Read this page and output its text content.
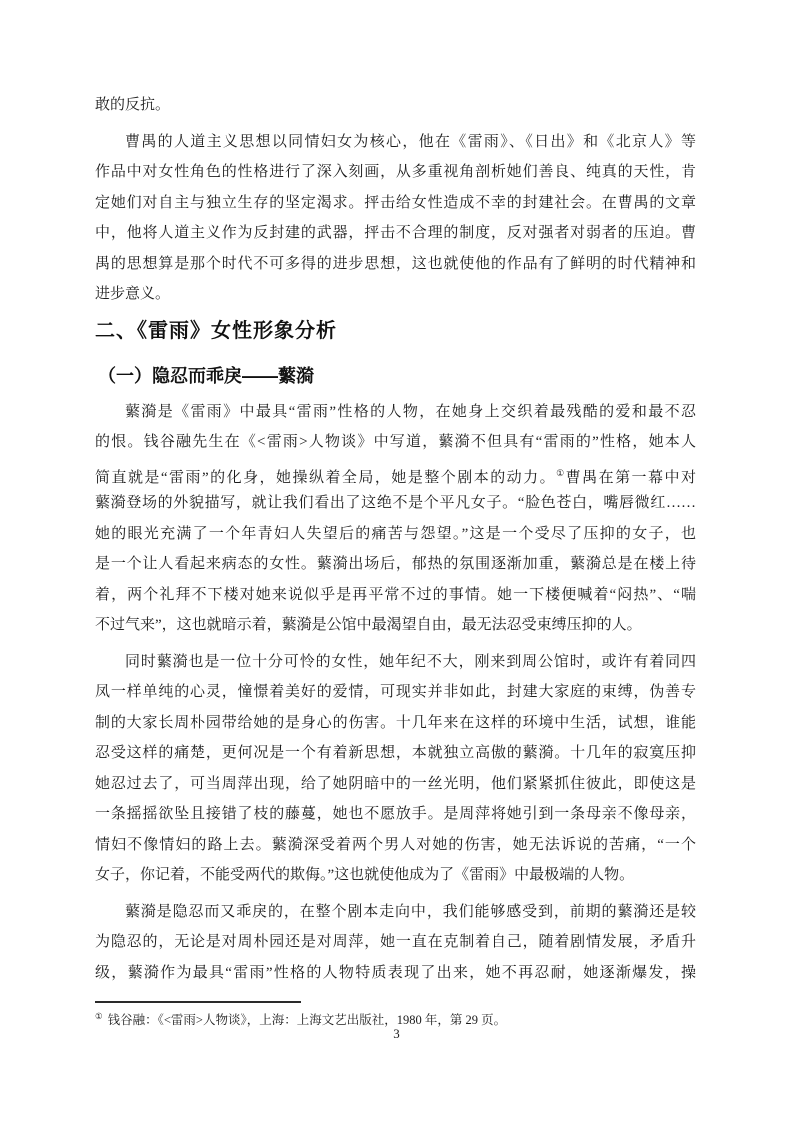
敢的反抗。
曹禺的人道主义思想以同情妇女为核心，他在《雷雨》、《日出》和《北京人》等
作品中对女性角色的性格进行了深入刻画，从多重视角剖析她们善良、纯真的天性，肯
定她们对自主与独立生存的坚定渴求。抨击给女性造成不幸的封建社会。在曹禺的文章
中，他将人道主义作为反封建的武器，抨击不合理的制度，反对强者对弱者的压迫。曹
禺的思想算是那个时代不可多得的进步思想，这也就使他的作品有了鲜明的时代精神和
进步意义。
二、《雷雨》女性形象分析
（一）隐忍而乖戾——蘩漪
蘩漪是《雷雨》中最具“雷雨”性格的人物，在她身上交织着最残酷的爱和最不忍
的恨。钱谷融先生在《<雷雨>人物谈》中写道，蘩漪不但具有“雷雨的”性格，她本人
简直就是“雷雨”的化身，她操纵着全局，她是整个剧本的动力。①曹禺在第一幕中对
蘩漪登场的外貌描写，就让我们看出了这绝不是个平凡女子。“脸色苍白，嘴唇微红……
她的眼光充满了一个年青妇人失望后的痛苦与怨望。”这是一个受尽了压抑的女子，也
是一个让人看起来病态的女性。蘩漪出场后，郁热的氛围逐渐加重，蘩漪总是在楼上待
着，两个礼拜不下楼对她来说似乎是再平常不过的事情。她一下楼便喊着“闷热”、“喘
不过气来”，这也就暗示着，蘩漪是公馆中最渴望自由，最无法忍受束缚压抑的人。
同时蘩漪也是一位十分可怜的女性，她年纪不大，刚来到周公馆时，或许有着同四
凤一样单纯的心灵，憧憬着美好的爱情，可现实并非如此，封建大家庭的束缚，伪善专
制的大家长周朴园带给她的是身心的伤害。十几年来在这样的环境中生活，试想，谁能
忍受这样的痛楚，更何况是一个有着新思想，本就独立高傲的蘩漪。十几年的寂寞压抑
她忍过去了，可当周萍出现，给了她阴暗中的一丝光明，他们紧紧抓住彼此，即使这是
一条摇摇欲坠且接错了枝的藤蔓，她也不愿放手。是周萍将她引到一条母亲不像母亲，
情妇不像情妇的路上去。蘩漪深受着两个男人对她的伤害，她无法诉说的苦痛，“一个
女子，你记着，不能受两代的欺侮。”这也就使他成为了《雷雨》中最极端的人物。
蘩漪是隐忍而又乖戾的，在整个剧本走向中，我们能够感受到，前期的蘩漪还是较
为隐忍的，无论是对周朴园还是对周萍，她一直在克制着自己，随着剧情发展，矛盾升
级，蘩漪作为最具“雷雨”性格的人物特质表现了出来，她不再忍耐，她逐渐爆发，操
① 钱谷融：《<雷雨>人物谈》，上海：上海文艺出版社，1980 年，第 29 页。
3
